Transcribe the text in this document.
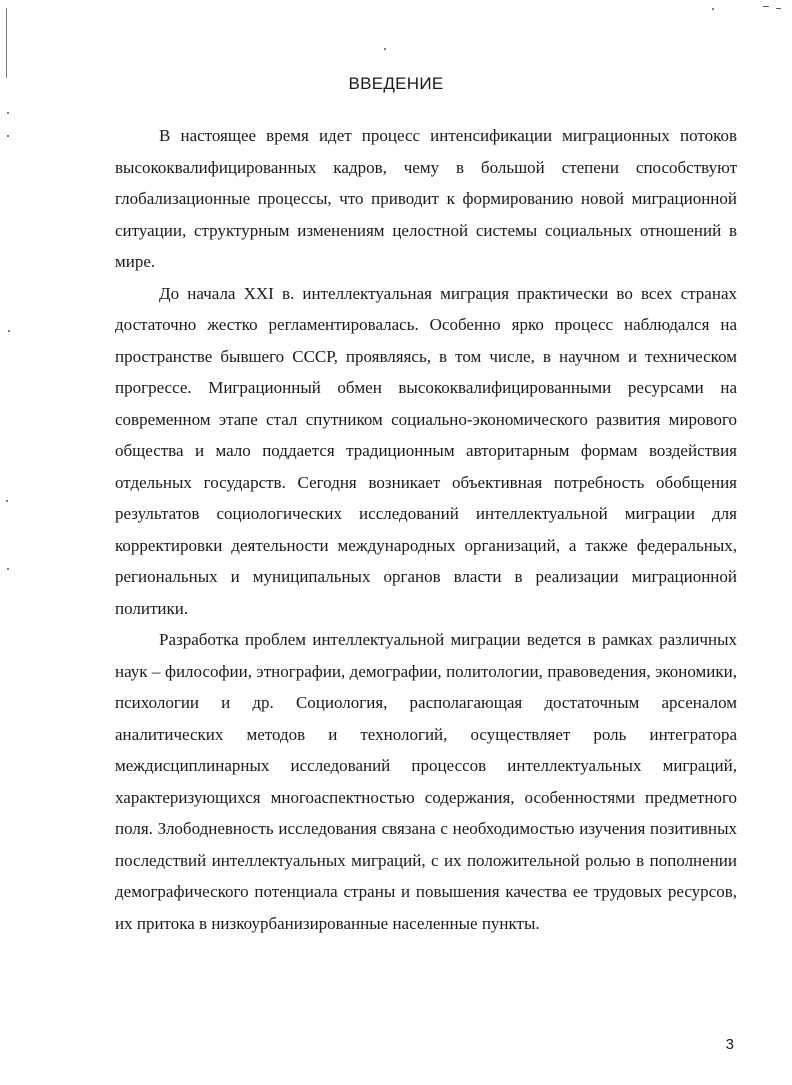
ВВЕДЕНИЕ

В настоящее время идет процесс интенсификации миграционных потоков высококвалифицированных кадров, чему в большой степени способствуют глобализационные процессы, что приводит к формированию новой миграционной ситуации, структурным изменениям целостной системы социальных отношений в мире.

До начала XXI в. интеллектуальная миграция практически во всех странах достаточно жестко регламентировалась. Особенно ярко процесс наблюдался на пространстве бывшего СССР, проявляясь, в том числе, в научном и техническом прогрессе. Миграционный обмен высококвалифицированными ресурсами на современном этапе стал спутником социально-экономического развития мирового общества и мало поддается традиционным авторитарным формам воздействия отдельных государств. Сегодня возникает объективная потребность обобщения результатов социологических исследований интеллектуальной миграции для корректировки деятельности международных организаций, а также федеральных, региональных и муниципальных органов власти в реализации миграционной политики.

Разработка проблем интеллектуальной миграции ведется в рамках различных наук – философии, этнографии, демографии, политологии, правоведения, экономики, психологии и др. Социология, располагающая достаточным арсеналом аналитических методов и технологий, осуществляет роль интегратора междисциплинарных исследований процессов интеллектуальных миграций, характеризующихся многоаспектностью содержания, особенностями предметного поля. Злободневность исследования связана с необходимостью изучения позитивных последствий интеллектуальных миграций, с их положительной ролью в пополнении демографического потенциала страны и повышения качества ее трудовых ресурсов, их притока в низкоурбанизированные населенные пункты.

3
